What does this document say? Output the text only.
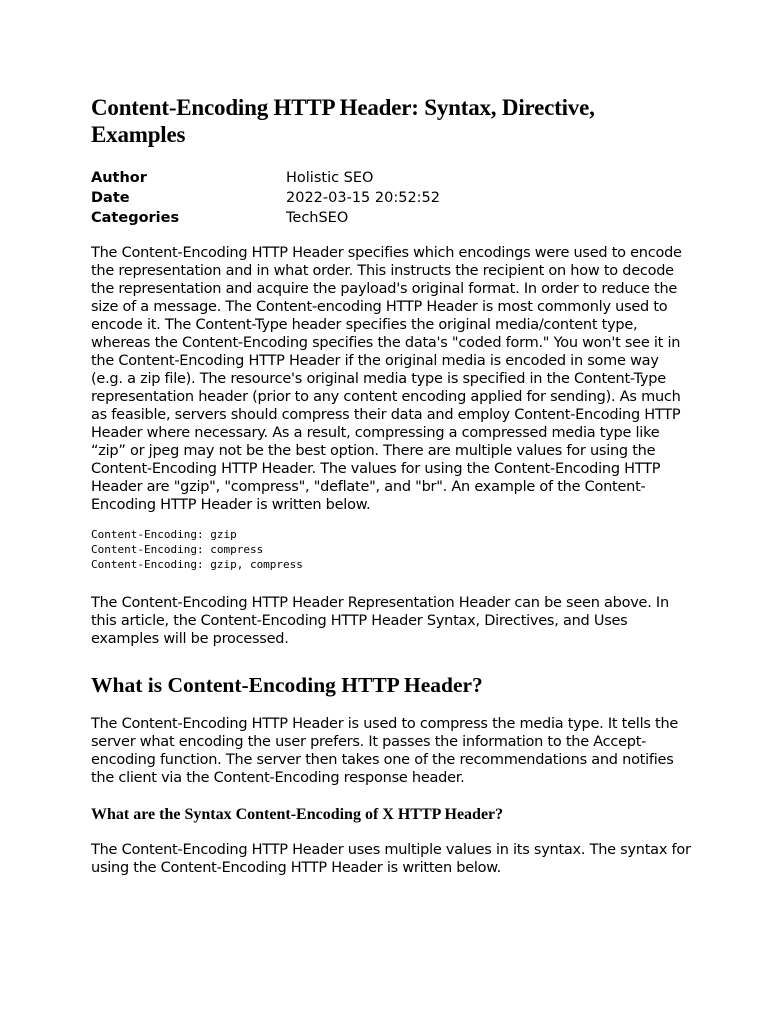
Content-Encoding HTTP Header: Syntax, Directive, Examples
Author	Holistic SEO
Date	2022-03-15 20:52:52
Categories	TechSEO

The Content-Encoding HTTP Header specifies which encodings were used to encode the representation and in what order. This instructs the recipient on how to decode the representation and acquire the payload's original format. In order to reduce the size of a message. The Content-encoding HTTP Header is most commonly used to encode it. The Content-Type header specifies the original media/content type, whereas the Content-Encoding specifies the data's "coded form." You won't see it in the Content-Encoding HTTP Header if the original media is encoded in some way (e.g. a zip file). The resource's original media type is specified in the Content-Type representation header (prior to any content encoding applied for sending). As much as feasible, servers should compress their data and employ Content-Encoding HTTP Header where necessary. As a result, compressing a compressed media type like “zip” or jpeg may not be the best option. There are multiple values for using the Content-Encoding HTTP Header. The values for using the Content-Encoding HTTP Header are "gzip", "compress", "deflate", and "br". An example of the Content-Encoding HTTP Header is written below.

Content-Encoding: gzip
Content-Encoding: compress
Content-Encoding: gzip, compress

The Content-Encoding HTTP Header Representation Header can be seen above. In this article, the Content-Encoding HTTP Header Syntax, Directives, and Uses examples will be processed.

What is Content-Encoding HTTP Header?

The Content-Encoding HTTP Header is used to compress the media type. It tells the server what encoding the user prefers. It passes the information to the Accept-encoding function. The server then takes one of the recommendations and notifies the client via the Content-Encoding response header.

What are the Syntax Content-Encoding of X HTTP Header?

The Content-Encoding HTTP Header uses multiple values in its syntax. The syntax for using the Content-Encoding HTTP Header is written below.
